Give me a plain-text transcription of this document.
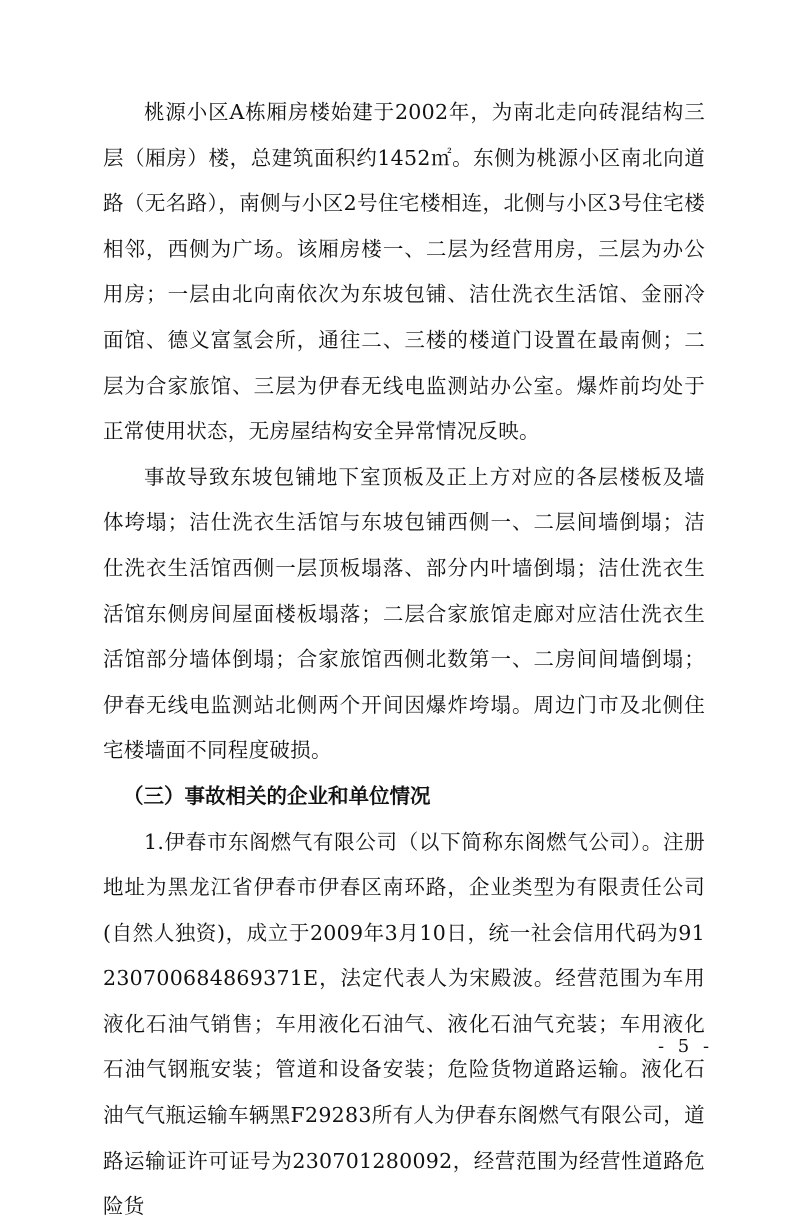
桃源小区A栋厢房楼始建于2002年，为南北走向砖混结构三层（厢房）楼，总建筑面积约1452㎡。东侧为桃源小区南北向道路（无名路），南侧与小区2号住宅楼相连，北侧与小区3号住宅楼相邻，西侧为广场。该厢房楼一、二层为经营用房，三层为办公用房；一层由北向南依次为东坡包铺、洁仕洗衣生活馆、金丽冷面馆、德义富氢会所，通往二、三楼的楼道门设置在最南侧；二层为合家旅馆、三层为伊春无线电监测站办公室。爆炸前均处于正常使用状态，无房屋结构安全异常情况反映。

事故导致东坡包铺地下室顶板及正上方对应的各层楼板及墙体垮塌；洁仕洗衣生活馆与东坡包铺西侧一、二层间墙倒塌；洁仕洗衣生活馆西侧一层顶板塌落、部分内叶墙倒塌；洁仕洗衣生活馆东侧房间屋面楼板塌落；二层合家旅馆走廊对应洁仕洗衣生活馆部分墙体倒塌；合家旅馆西侧北数第一、二房间间墙倒塌；伊春无线电监测站北侧两个开间因爆炸垮塌。周边门市及北侧住宅楼墙面不同程度破损。

（三）事故相关的企业和单位情况

1.伊春市东阁燃气有限公司（以下简称东阁燃气公司）。注册地址为黑龙江省伊春市伊春区南环路，企业类型为有限责任公司(自然人独资)，成立于2009年3月10日，统一社会信用代码为91230700684869371E，法定代表人为宋殿波。经营范围为车用液化石油气销售；车用液化石油气、液化石油气充装；车用液化石油气钢瓶安装；管道和设备安装；危险货物道路运输。液化石油气气瓶运输车辆黑F29283所有人为伊春东阁燃气有限公司，道路运输证许可证号为230701280092，经营范围为经营性道路危险货

- 5 -
